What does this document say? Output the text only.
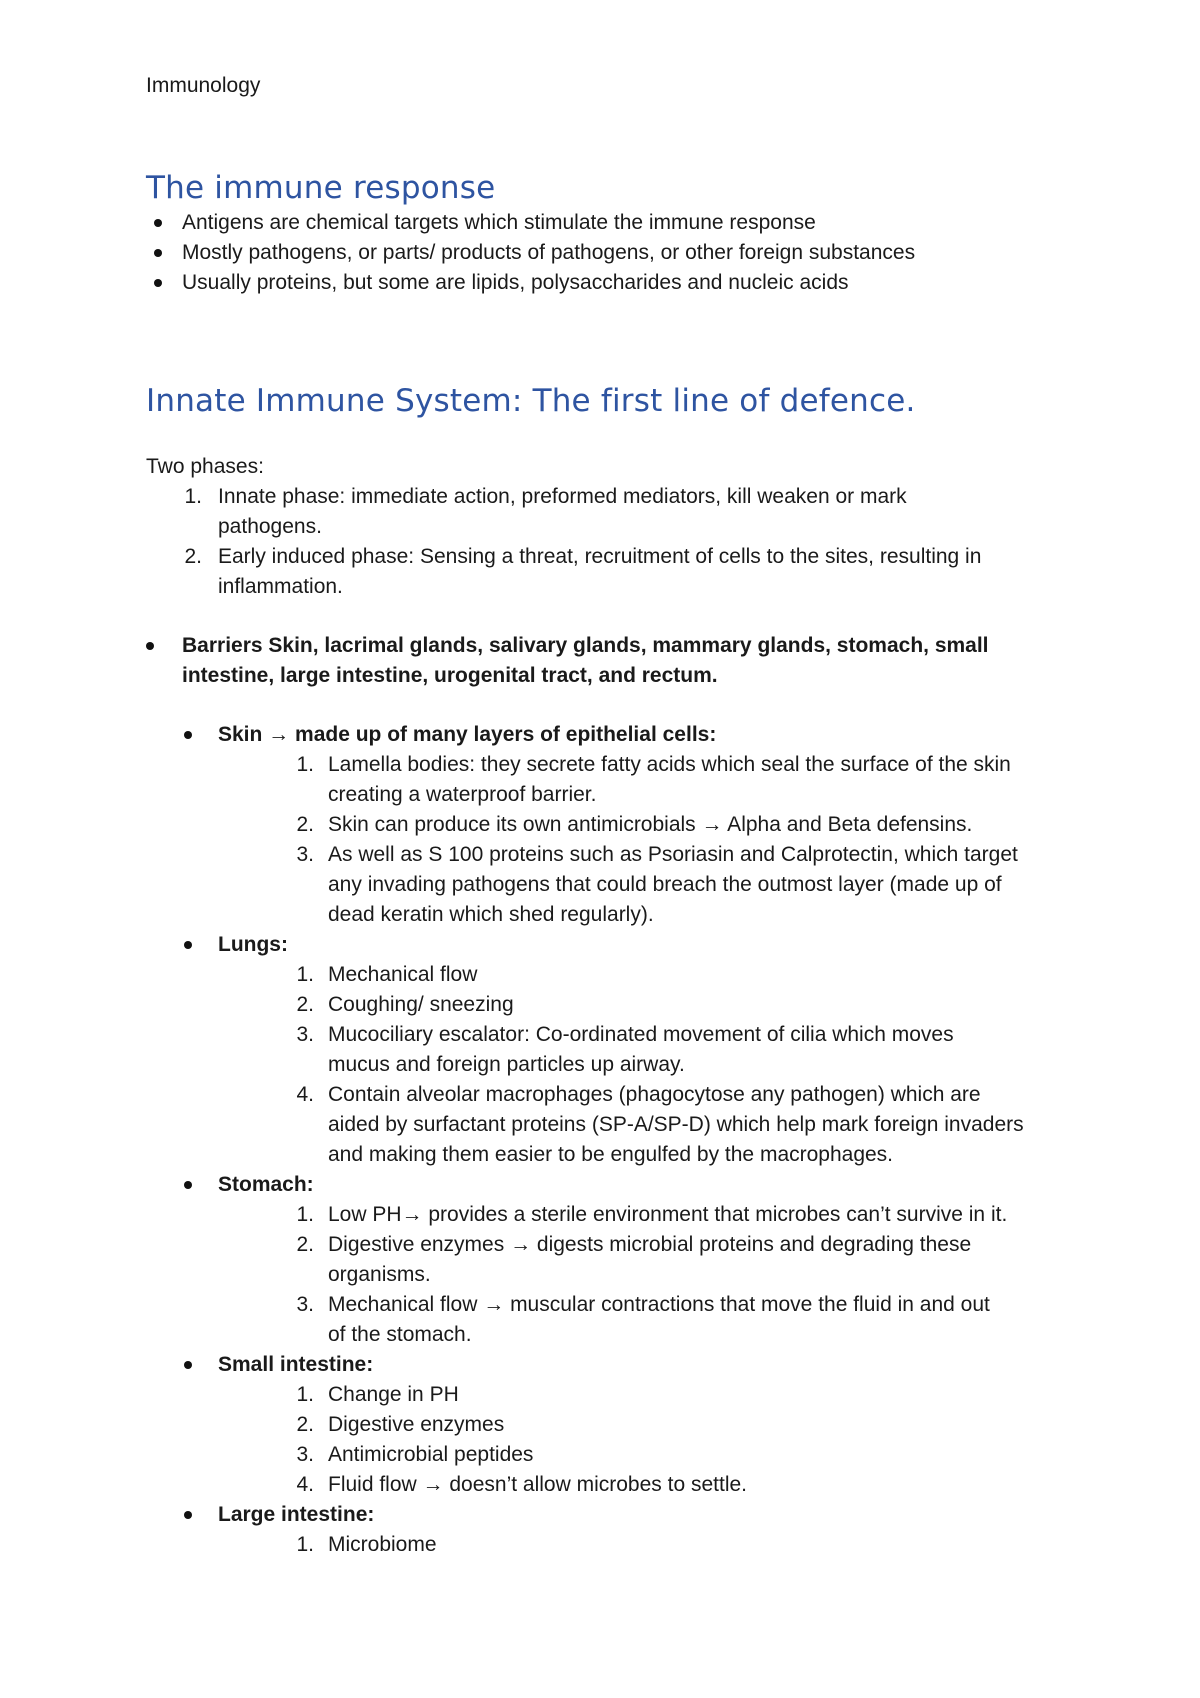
Immunology
The immune response
Antigens are chemical targets which stimulate the immune response
Mostly pathogens, or parts/ products of pathogens, or other foreign substances
Usually proteins, but some are lipids, polysaccharides and nucleic acids
Innate Immune System: The first line of defence.
Two phases:
1. Innate phase: immediate action, preformed mediators, kill weaken or mark
pathogens.
2. Early induced phase: Sensing a threat, recruitment of cells to the sites, resulting in
inflammation.
Barriers Skin, lacrimal glands, salivary glands, mammary glands, stomach, small
intestine, large intestine, urogenital tract, and rectum.
Skin → made up of many layers of epithelial cells:
1. Lamella bodies: they secrete fatty acids which seal the surface of the skin
creating a waterproof barrier.
2. Skin can produce its own antimicrobials → Alpha and Beta defensins.
3. As well as S 100 proteins such as Psoriasin and Calprotectin, which target
any invading pathogens that could breach the outmost layer (made up of
dead keratin which shed regularly).
Lungs:
1. Mechanical flow
2. Coughing/ sneezing
3. Mucociliary escalator: Co-ordinated movement of cilia which moves
mucus and foreign particles up airway.
4. Contain alveolar macrophages (phagocytose any pathogen) which are
aided by surfactant proteins (SP-A/SP-D) which help mark foreign invaders
and making them easier to be engulfed by the macrophages.
Stomach:
1. Low PH→ provides a sterile environment that microbes can’t survive in it.
2. Digestive enzymes → digests microbial proteins and degrading these
organisms.
3. Mechanical flow → muscular contractions that move the fluid in and out
of the stomach.
Small intestine:
1. Change in PH
2. Digestive enzymes
3. Antimicrobial peptides
4. Fluid flow → doesn’t allow microbes to settle.
Large intestine:
1. Microbiome
